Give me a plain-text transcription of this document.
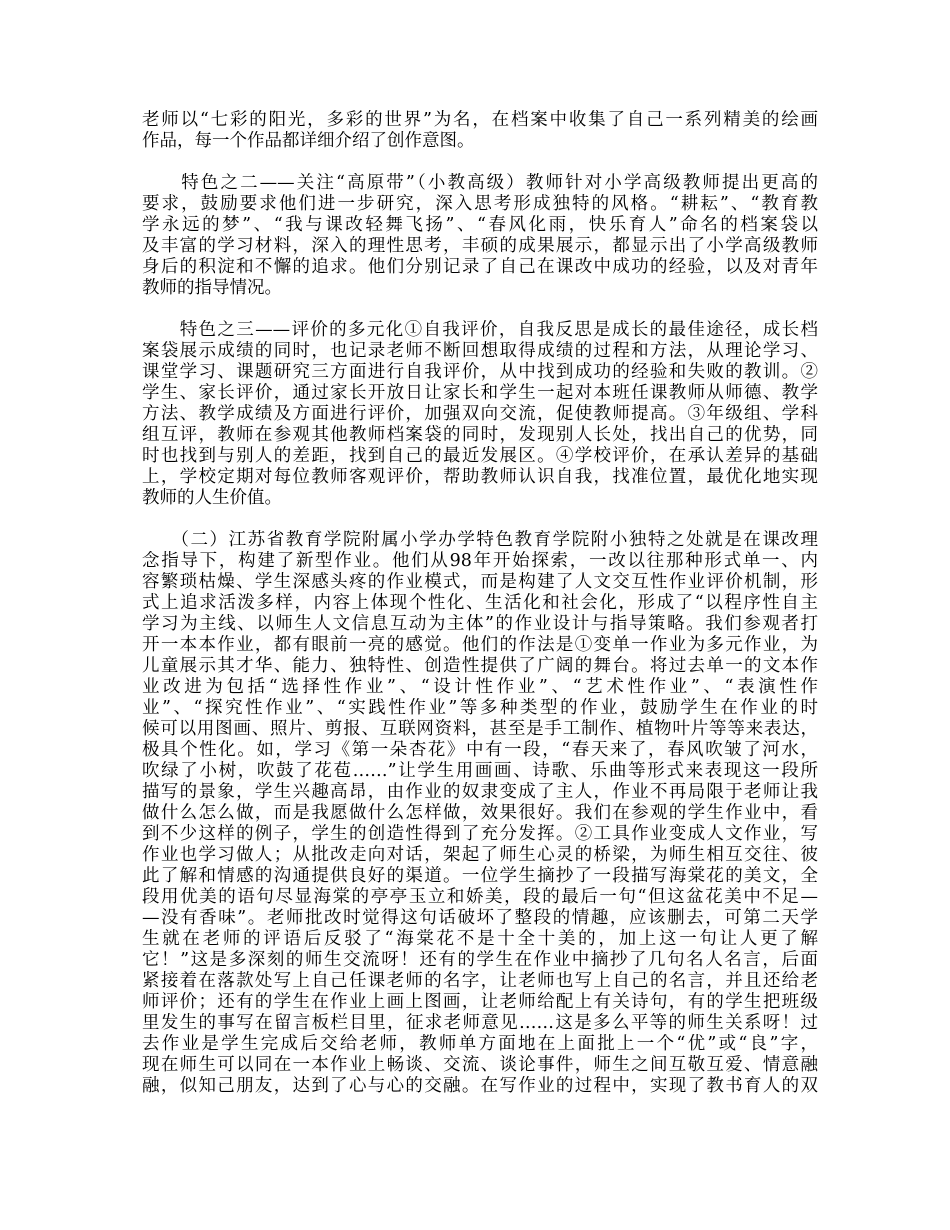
老师以“七彩的阳光，多彩的世界”为名，在档案中收集了自己一系列精美的绘画
作品，每一个作品都详细介绍了创作意图。
　　特色之二——关注“高原带”（小教高级）教师针对小学高级教师提出更高的
要求，鼓励要求他们进一步研究，深入思考形成独特的风格。“耕耘”、“教育教
学永远的梦”、“我与课改轻舞飞扬”、“春风化雨，快乐育人”命名的档案袋以
及丰富的学习材料，深入的理性思考，丰硕的成果展示，都显示出了小学高级教师
身后的积淀和不懈的追求。他们分别记录了自己在课改中成功的经验，以及对青年
教师的指导情况。
　　特色之三——评价的多元化①自我评价，自我反思是成长的最佳途径，成长档
案袋展示成绩的同时，也记录老师不断回想取得成绩的过程和方法，从理论学习、
课堂学习、课题研究三方面进行自我评价，从中找到成功的经验和失败的教训。②
学生、家长评价，通过家长开放日让家长和学生一起对本班任课教师从师德、教学
方法、教学成绩及方面进行评价，加强双向交流，促使教师提高。③年级组、学科
组互评，教师在参观其他教师档案袋的同时，发现别人长处，找出自己的优势，同
时也找到与别人的差距，找到自己的最近发展区。④学校评价，在承认差异的基础
上，学校定期对每位教师客观评价，帮助教师认识自我，找准位置，最优化地实现
教师的人生价值。
　　（二）江苏省教育学院附属小学办学特色教育学院附小独特之处就是在课改理
念指导下，构建了新型作业。他们从98年开始探索，一改以往那种形式单一、内
容繁琐枯燥、学生深感头疼的作业模式，而是构建了人文交互性作业评价机制，形
式上追求活泼多样，内容上体现个性化、生活化和社会化，形成了“以程序性自主
学习为主线、以师生人文信息互动为主体”的作业设计与指导策略。我们参观者打
开一本本作业，都有眼前一亮的感觉。他们的作法是①变单一作业为多元作业，为
儿童展示其才华、能力、独特性、创造性提供了广阔的舞台。将过去单一的文本作
业改进为包括“选择性作业”、“设计性作业”、“艺术性作业”、“表演性作
业”、“探究性作业”、“实践性作业”等多种类型的作业，鼓励学生在作业的时
候可以用图画、照片、剪报、互联网资料，甚至是手工制作、植物叶片等等来表达，
极具个性化。如，学习《第一朵杏花》中有一段，“春天来了，春风吹皱了河水，
吹绿了小树，吹鼓了花苞……”让学生用画画、诗歌、乐曲等形式来表现这一段所
描写的景象，学生兴趣高昂，由作业的奴隶变成了主人，作业不再局限于老师让我
做什么怎么做，而是我愿做什么怎样做，效果很好。我们在参观的学生作业中，看
到不少这样的例子，学生的创造性得到了充分发挥。②工具作业变成人文作业，写
作业也学习做人；从批改走向对话，架起了师生心灵的桥梁，为师生相互交往、彼
此了解和情感的沟通提供良好的渠道。一位学生摘抄了一段描写海棠花的美文，全
段用优美的语句尽显海棠的亭亭玉立和娇美，段的最后一句“但这盆花美中不足—
—没有香味”。老师批改时觉得这句话破坏了整段的情趣，应该删去，可第二天学
生就在老师的评语后反驳了“海棠花不是十全十美的，加上这一句让人更了解
它！”这是多深刻的师生交流呀！还有的学生在作业中摘抄了几句名人名言，后面
紧接着在落款处写上自己任课老师的名字，让老师也写上自己的名言，并且还给老
师评价；还有的学生在作业上画上图画，让老师给配上有关诗句，有的学生把班级
里发生的事写在留言板栏目里，征求老师意见……这是多么平等的师生关系呀！过
去作业是学生完成后交给老师，教师单方面地在上面批上一个“优”或“良”字，
现在师生可以同在一本作业上畅谈、交流、谈论事件，师生之间互敬互爱、情意融
融，似知己朋友，达到了心与心的交融。在写作业的过程中，实现了教书育人的双
